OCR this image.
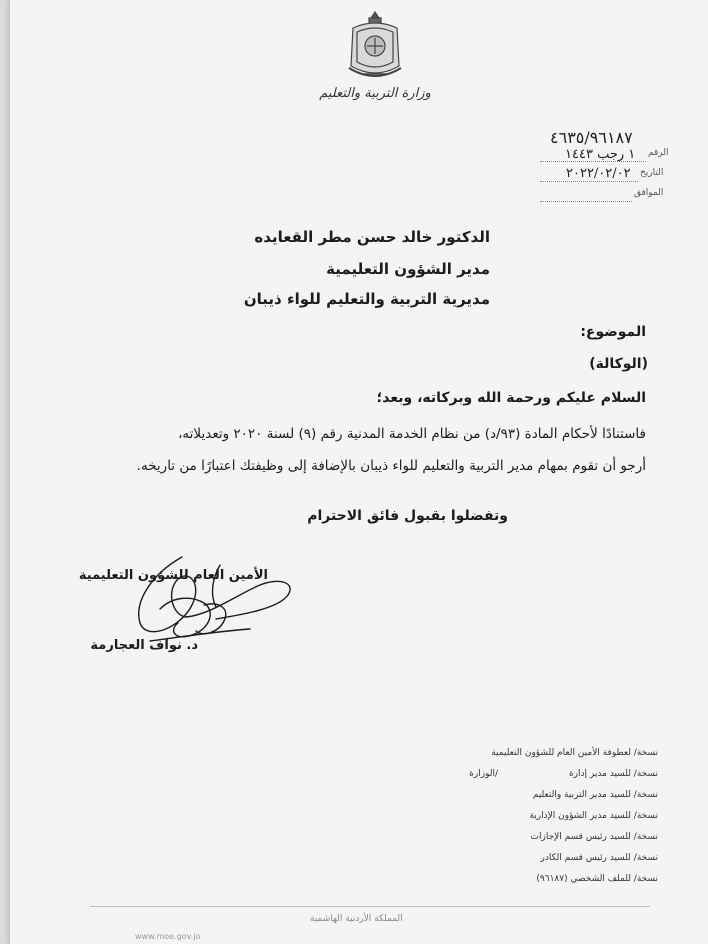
وزارة التربية والتعليم
٤٦٣٥/٩٦١٨٧
الرقم
١ رجب ١٤٤٣
التاريخ
٢٠٢٢/٠٢/٠٢
الموافق
الدكتور خالد حسن مطر القعايده
مدير الشؤون التعليمية
مديرية التربية والتعليم للواء ذيبان
الموضوع:
(الوكالة)
السلام عليكم ورحمة الله وبركاته، وبعد؛
فاستنادًا لأحكام المادة (٩٣/د) من نظام الخدمة المدنية رقم (٩) لسنة ٢٠٢٠ وتعديلاته،
أرجو أن تقوم بمهام مدير التربية والتعليم للواء ذيبان بالإضافة إلى وظيفتك اعتبارًا من تاريخه.
وتفضلوا بقبول فائق الاحترام
الأمين العام للشؤون التعليمية
د. نواف العجارمة
نسخة/ لعطوفة الأمين العام للشؤون التعليمية
نسخة/ للسيد مدير إدارة
/الوزارة
نسخة/ للسيد مدير التربية والتعليم
نسخة/ للسيد مدير الشؤون الإدارية
نسخة/ للسيد رئيس قسم الإجازات
نسخة/ للسيد رئيس قسم الكادر
نسخة/ للملف الشخصي (٩٦١٨٧)
المملكة الأردنية الهاشمية
www.moe.gov.jo
